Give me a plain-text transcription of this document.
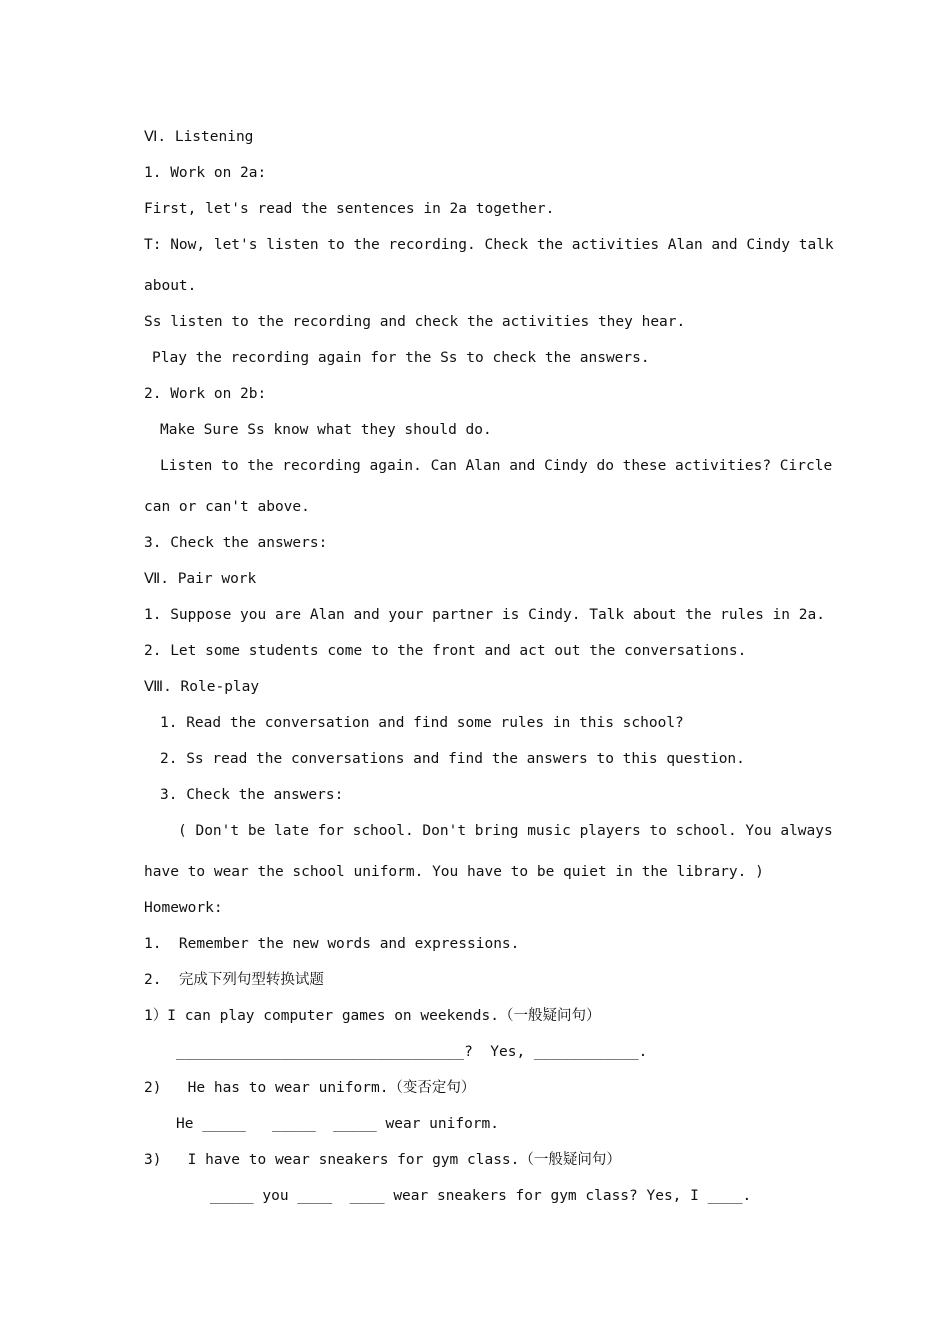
Ⅵ. Listening

1. Work on 2a:

First, let's read the sentences in 2a together.

T: Now, let's listen to the recording. Check the activities Alan and Cindy talk

about.

Ss listen to the recording and check the activities they hear.

Play the recording again for the Ss to check the answers.

2. Work on 2b:

Make Sure Ss know what they should do.

Listen to the recording again. Can Alan and Cindy do these activities? Circle

can or can't above.

3. Check the answers:

Ⅶ. Pair work

1. Suppose you are Alan and your partner is Cindy. Talk about the rules in 2a.

2. Let some students come to the front and act out the conversations.

Ⅷ. Role-play

1. Read the conversation and find some rules in this school?

2. Ss read the conversations and find the answers to this question.

3. Check the answers:

( Don't be late for school. Don't bring music players to school. You always

have to wear the school uniform. You have to be quiet in the library. )

Homework:

1.  Remember the new words and expressions.

2.  完成下列句型转换试题

1）I can play computer games on weekends.（一般疑问句）

_________________________________?  Yes, ____________.

2)   He has to wear uniform.（变否定句）

He _____   _____  _____ wear uniform.

3)   I have to wear sneakers for gym class.（一般疑问句）

_____ you ____  ____ wear sneakers for gym class? Yes, I ____.
